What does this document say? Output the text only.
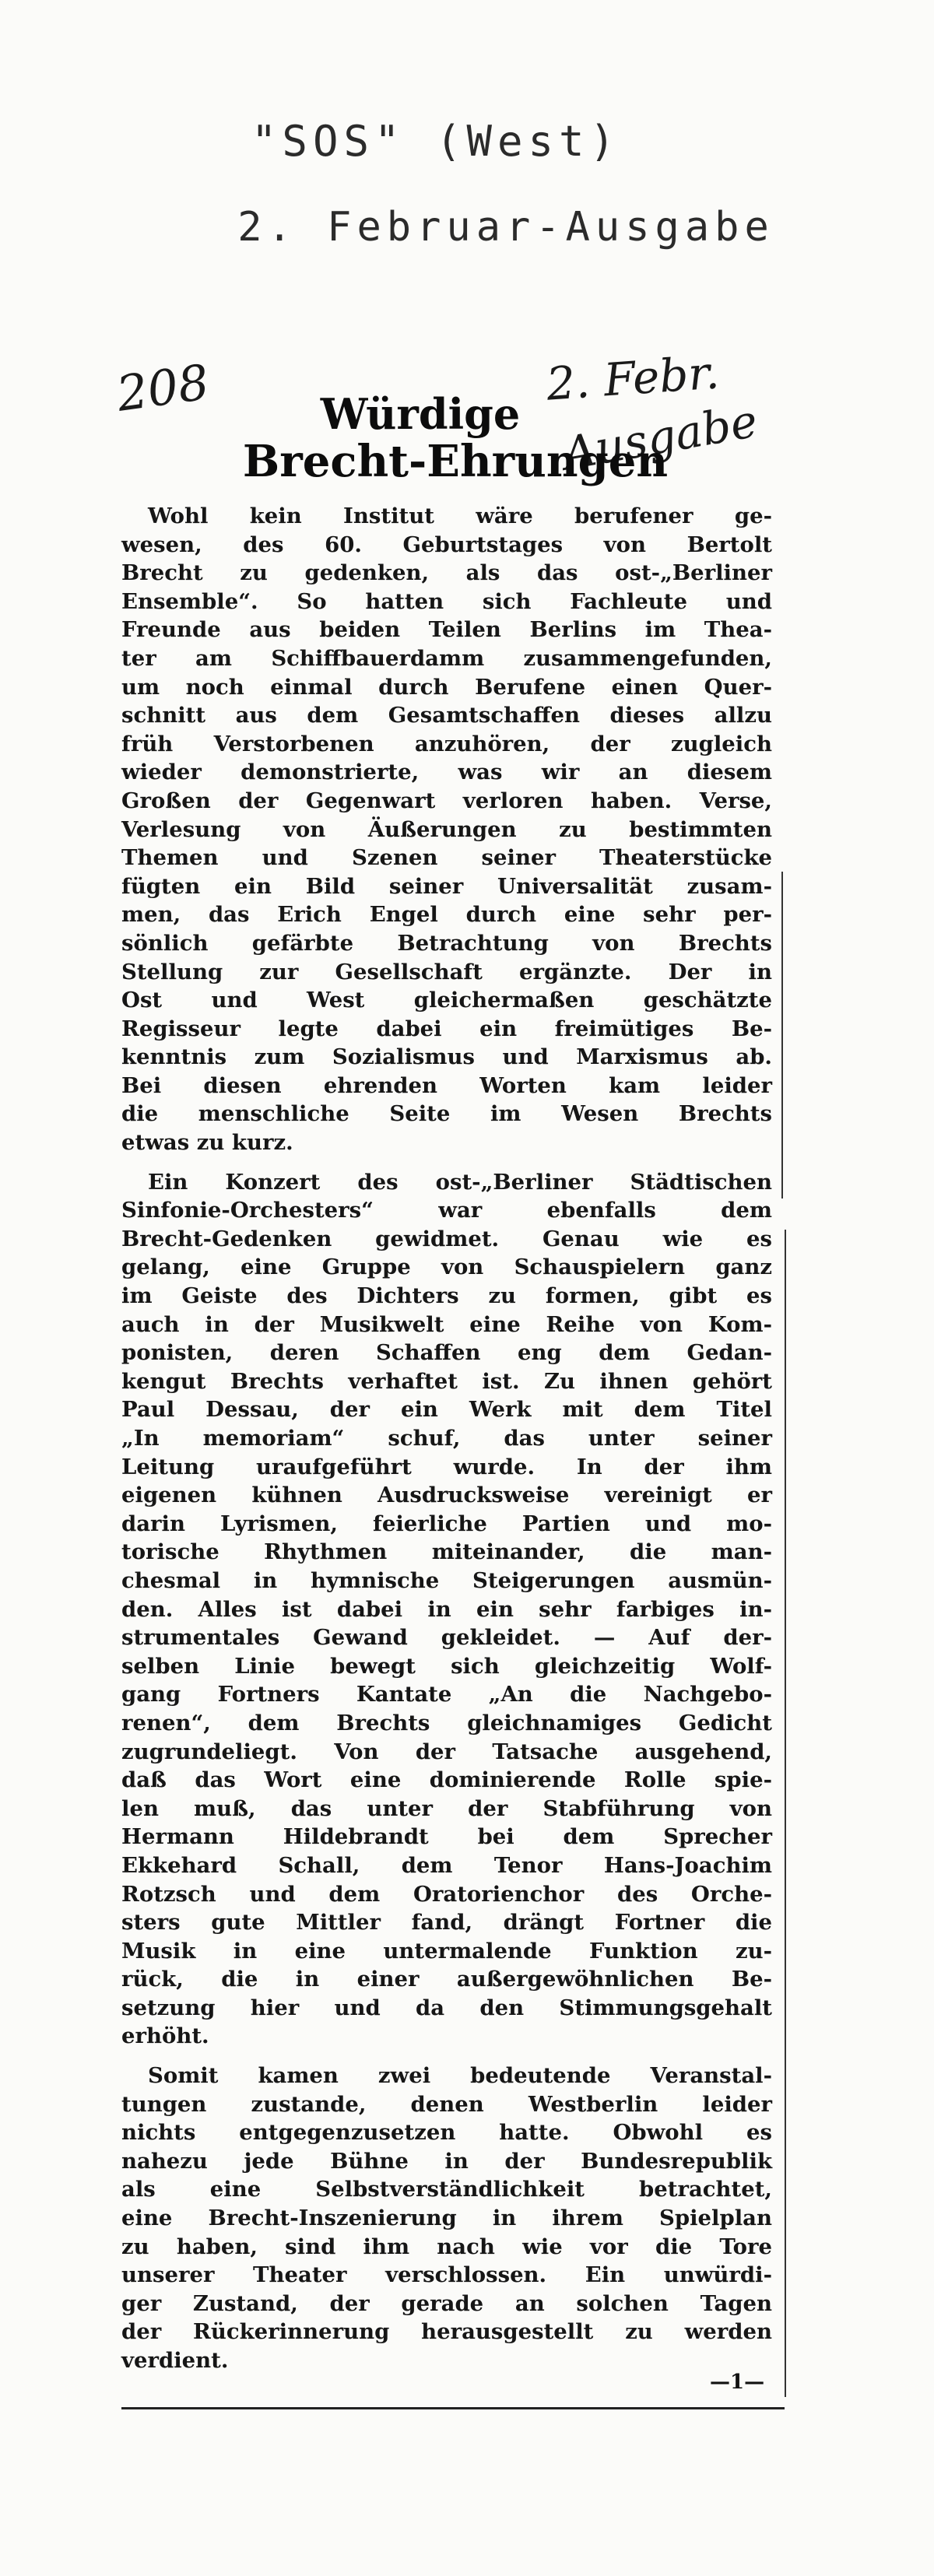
"SOS" (West)
2. Februar-Ausgabe
208	2. Febr.
Ausgabe
Würdige
Brecht-Ehrungen

Wohl kein Institut wäre berufener ge-
wesen, des 60. Geburtstages von Bertolt
Brecht zu gedenken, als das ost-„Berliner
Ensemble“. So hatten sich Fachleute und
Freunde aus beiden Teilen Berlins im Thea-
ter am Schiffbauerdamm zusammengefunden,
um noch einmal durch Berufene einen Quer-
schnitt aus dem Gesamtschaffen dieses allzu
früh Verstorbenen anzuhören, der zugleich
wieder demonstrierte, was wir an diesem
Großen der Gegenwart verloren haben. Verse,
Verlesung von Äußerungen zu bestimmten
Themen und Szenen seiner Theaterstücke
fügten ein Bild seiner Universalität zusam-
men, das Erich Engel durch eine sehr per-
sönlich gefärbte Betrachtung von Brechts
Stellung zur Gesellschaft ergänzte. Der in
Ost und West gleichermaßen geschätzte
Regisseur legte dabei ein freimütiges Be-
kenntnis zum Sozialismus und Marxismus ab.
Bei diesen ehrenden Worten kam leider
die menschliche Seite im Wesen Brechts
etwas zu kurz.

Ein Konzert des ost-„Berliner Städtischen
Sinfonie-Orchesters“ war ebenfalls dem
Brecht-Gedenken gewidmet. Genau wie es
gelang, eine Gruppe von Schauspielern ganz
im Geiste des Dichters zu formen, gibt es
auch in der Musikwelt eine Reihe von Kom-
ponisten, deren Schaffen eng dem Gedan-
kengut Brechts verhaftet ist. Zu ihnen gehört
Paul Dessau, der ein Werk mit dem Titel
„In memoriam“ schuf, das unter seiner
Leitung uraufgeführt wurde. In der ihm
eigenen kühnen Ausdrucksweise vereinigt er
darin Lyrismen, feierliche Partien und mo-
torische Rhythmen miteinander, die man-
chesmal in hymnische Steigerungen ausmün-
den. Alles ist dabei in ein sehr farbiges in-
strumentales Gewand gekleidet. — Auf der-
selben Linie bewegt sich gleichzeitig Wolf-
gang Fortners Kantate „An die Nachgebo-
renen“, dem Brechts gleichnamiges Gedicht
zugrundeliegt. Von der Tatsache ausgehend,
daß das Wort eine dominierende Rolle spie-
len muß, das unter der Stabführung von
Hermann Hildebrandt bei dem Sprecher
Ekkehard Schall, dem Tenor Hans-Joachim
Rotzsch und dem Oratorienchor des Orche-
sters gute Mittler fand, drängt Fortner die
Musik in eine untermalende Funktion zu-
rück, die in einer außergewöhnlichen Be-
setzung hier und da den Stimmungsgehalt
erhöht.

Somit kamen zwei bedeutende Veranstal-
tungen zustande, denen Westberlin leider
nichts entgegenzusetzen hatte. Obwohl es
nahezu jede Bühne in der Bundesrepublik
als eine Selbstverständlichkeit betrachtet,
eine Brecht-Inszenierung in ihrem Spielplan
zu haben, sind ihm nach wie vor die Tore
unserer Theater verschlossen. Ein unwürdi-
ger Zustand, der gerade an solchen Tagen
der Rückerinnerung herausgestellt zu werden
verdient.

—1—
